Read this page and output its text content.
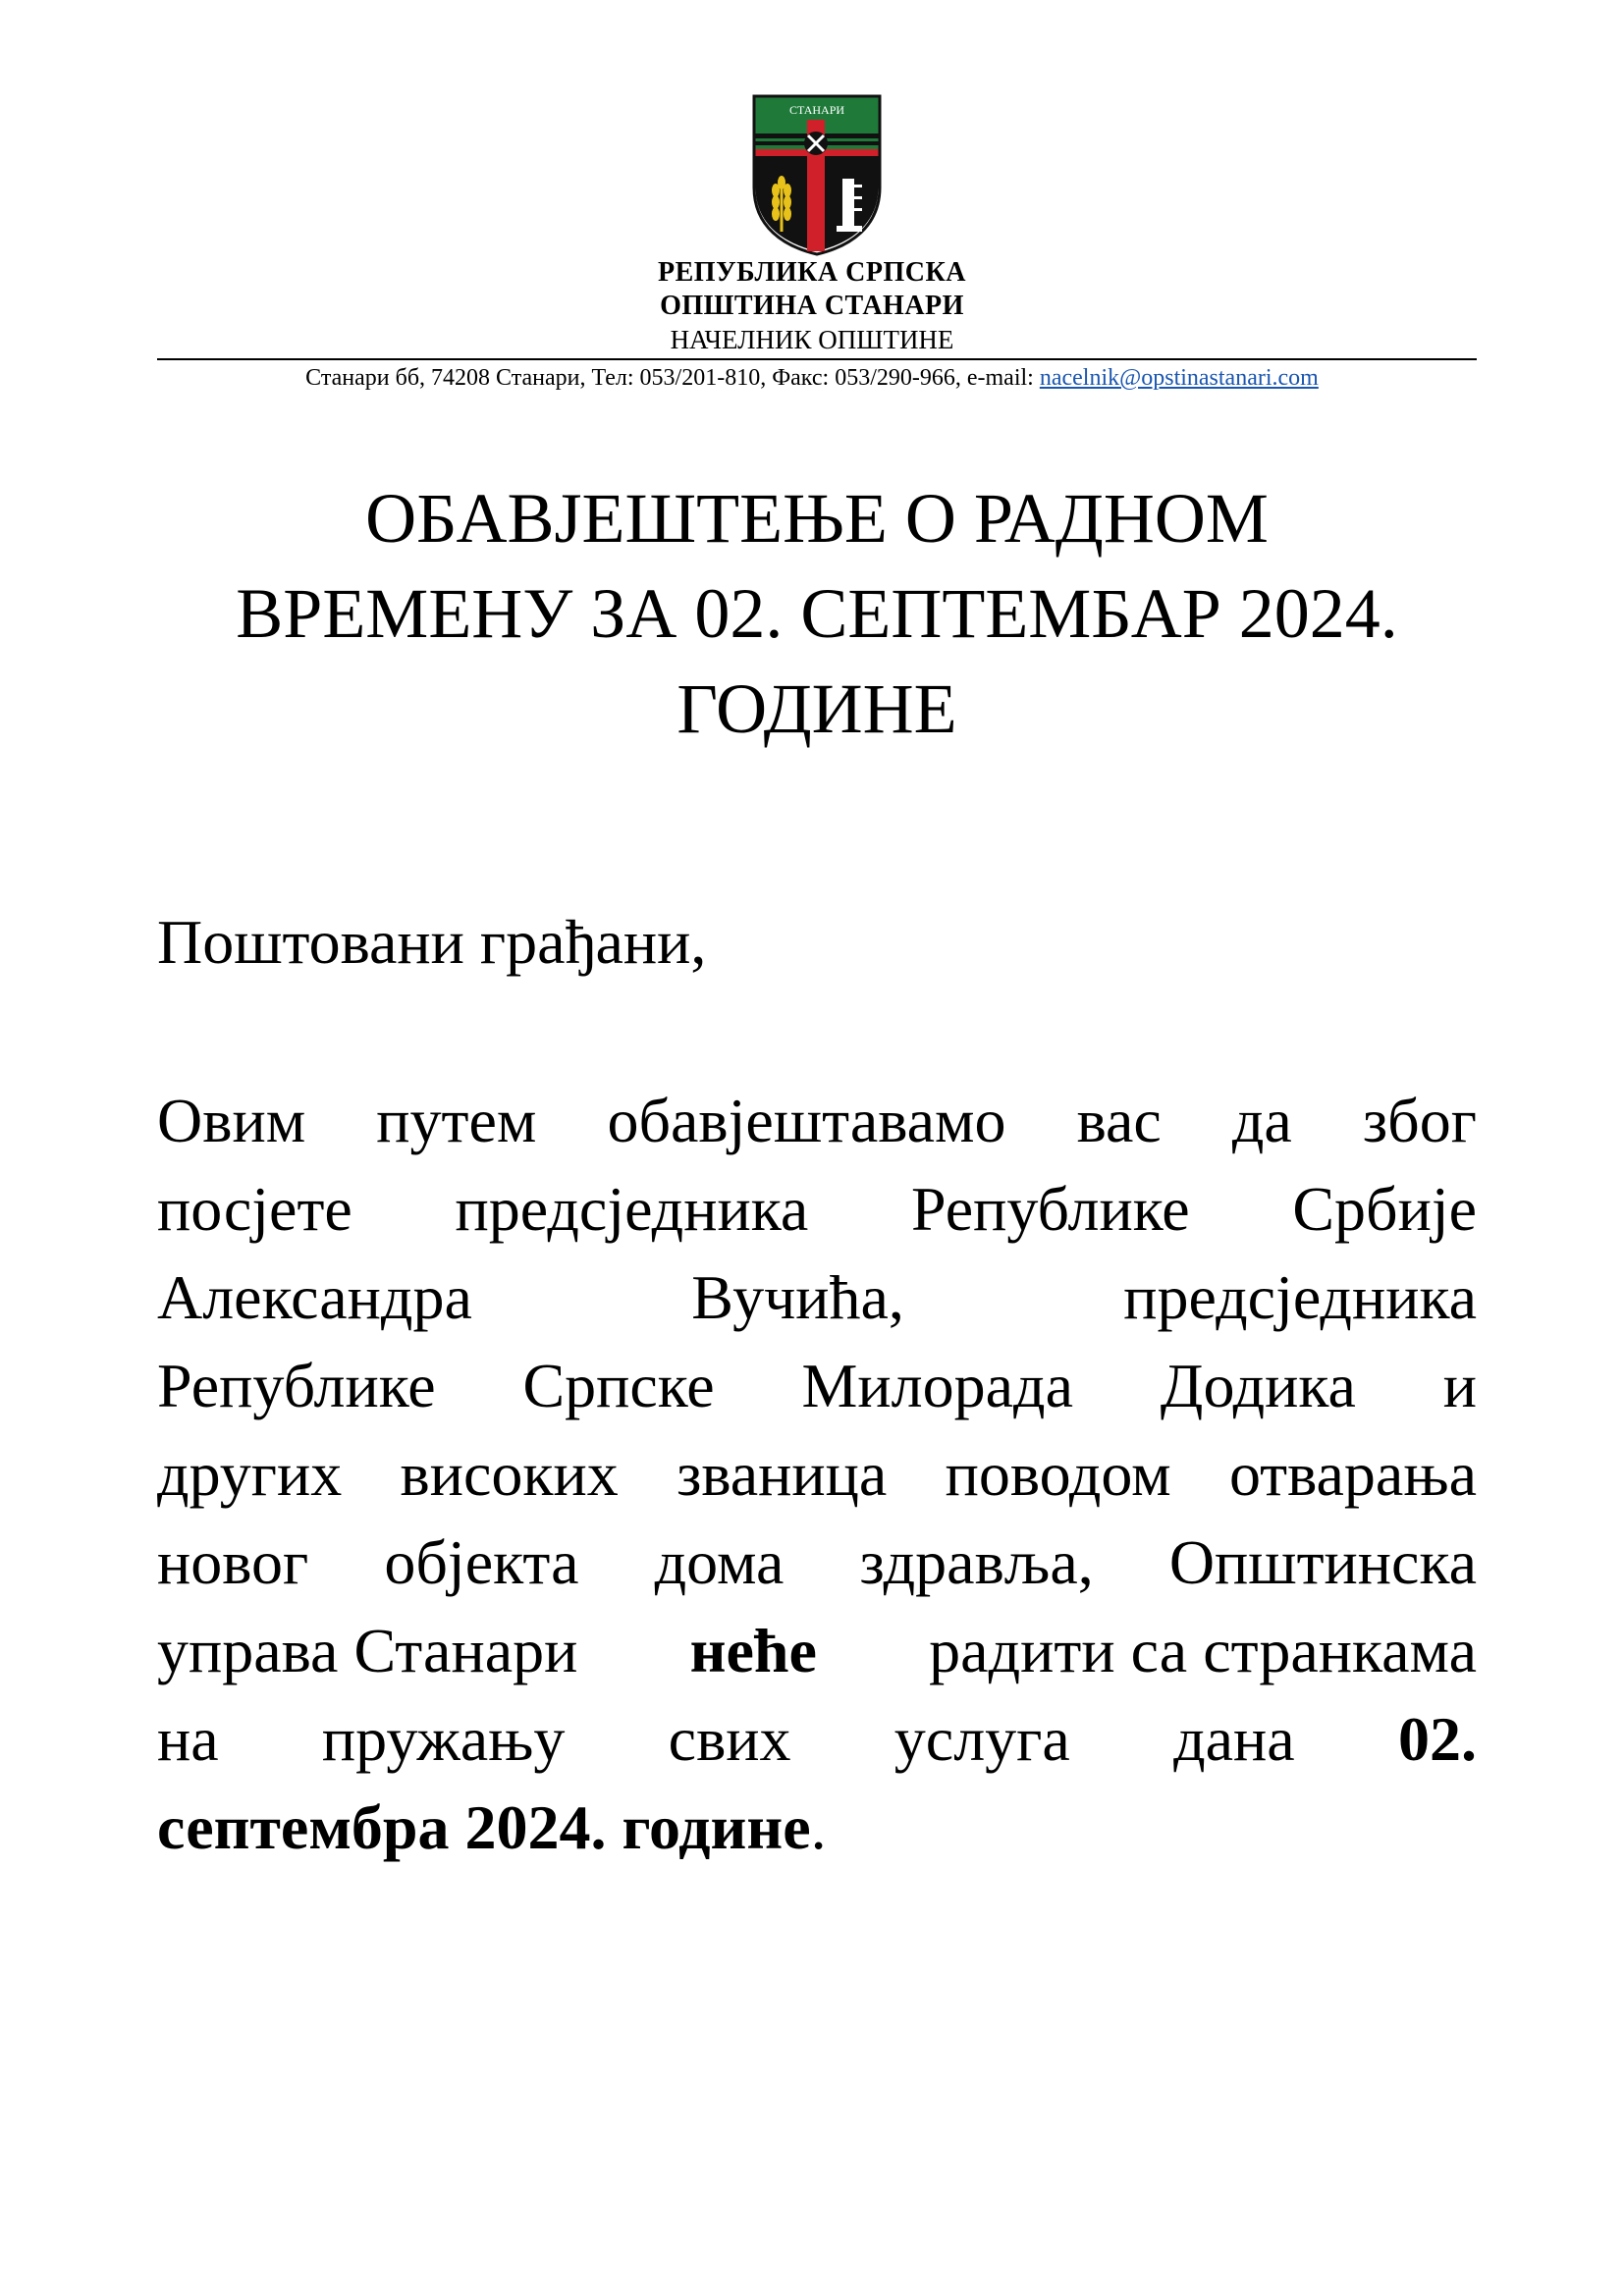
СТАНАРИ
РЕПУБЛИКА СРПСКА
ОПШТИНА СТАНАРИ
НАЧЕЛНИК ОПШТИНЕ
Станари бб, 74208 Станари, Тел: 053/201-810, Факс: 053/290-966, e-mail: nacelnik@opstinastanari.com
ОБАВЈЕШТЕЊЕ О РАДНОМ
ВРЕМЕНУ ЗА 02. СЕПТЕМБАР 2024.
ГОДИНЕ
Поштовани грађани,
Овим путем обавјештавамо вас да због
посјете предсједника Републике Србије
Александра	Вучића,	предсједника
Републике Српске Милорада Додика и
других високих званица поводом отварања
новог објекта дома здравља, Општинска
управа Станари неће радити са странкама
на пружању свих услуга дана 02.
септембра 2024. године.
